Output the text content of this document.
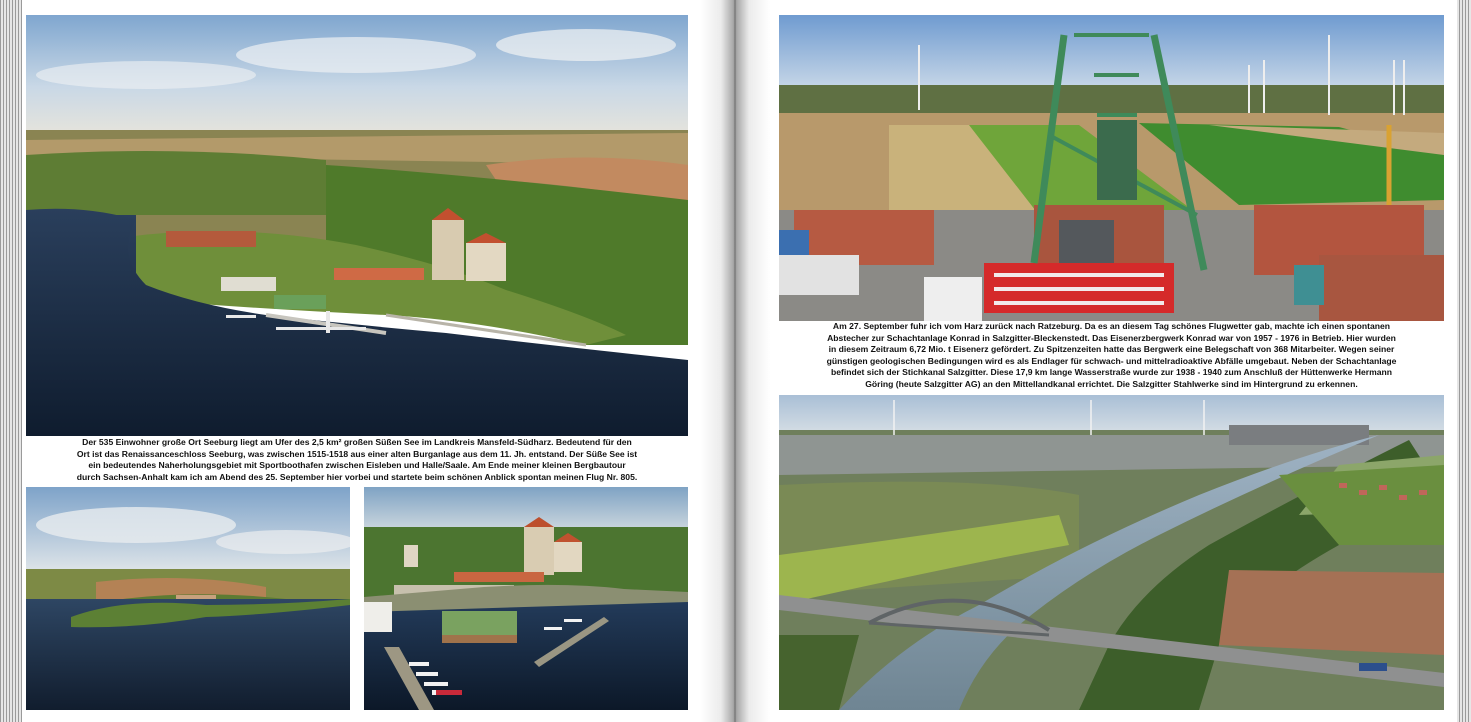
Der 535 Einwohner große Ort Seeburg liegt am Ufer des 2,5 km² großen Süßen See im Landkreis Mansfeld-Südharz. Bedeutend für den
Ort ist das Renaissanceschloss Seeburg, was zwischen 1515-1518 aus einer alten Burganlage aus dem 11. Jh. entstand. Der Süße See ist
ein bedeutendes Naherholungsgebiet mit Sportboothafen zwischen Eisleben und Halle/Saale. Am Ende meiner kleinen Bergbautour
durch Sachsen-Anhalt kam ich am Abend des 25. September hier vorbei und startete beim schönen Anblick spontan meinen Flug Nr. 805.
Am 27. September fuhr ich vom Harz zurück nach Ratzeburg. Da es an diesem Tag schönes Flugwetter gab, machte ich einen spontanen
Abstecher zur Schachtanlage Konrad in Salzgitter-Bleckenstedt. Das Eisenerzbergwerk Konrad war von 1957 - 1976 in Betrieb. Hier wurden
in diesem Zeitraum 6,72 Mio. t Eisenerz gefördert. Zu Spitzenzeiten hatte das Bergwerk eine Belegschaft von 368 Mitarbeiter. Wegen seiner
günstigen geologischen Bedingungen wird es als Endlager für schwach- und mittelradioaktive Abfälle umgebaut. Neben der Schachtanlage
befindet sich der Stichkanal Salzgitter. Diese 17,9 km lange Wasserstraße wurde zur 1938 - 1940 zum Anschluß der Hüttenwerke Hermann
Göring (heute Salzgitter AG) an den Mittellandkanal errichtet. Die Salzgitter Stahlwerke sind im Hintergrund zu erkennen.
